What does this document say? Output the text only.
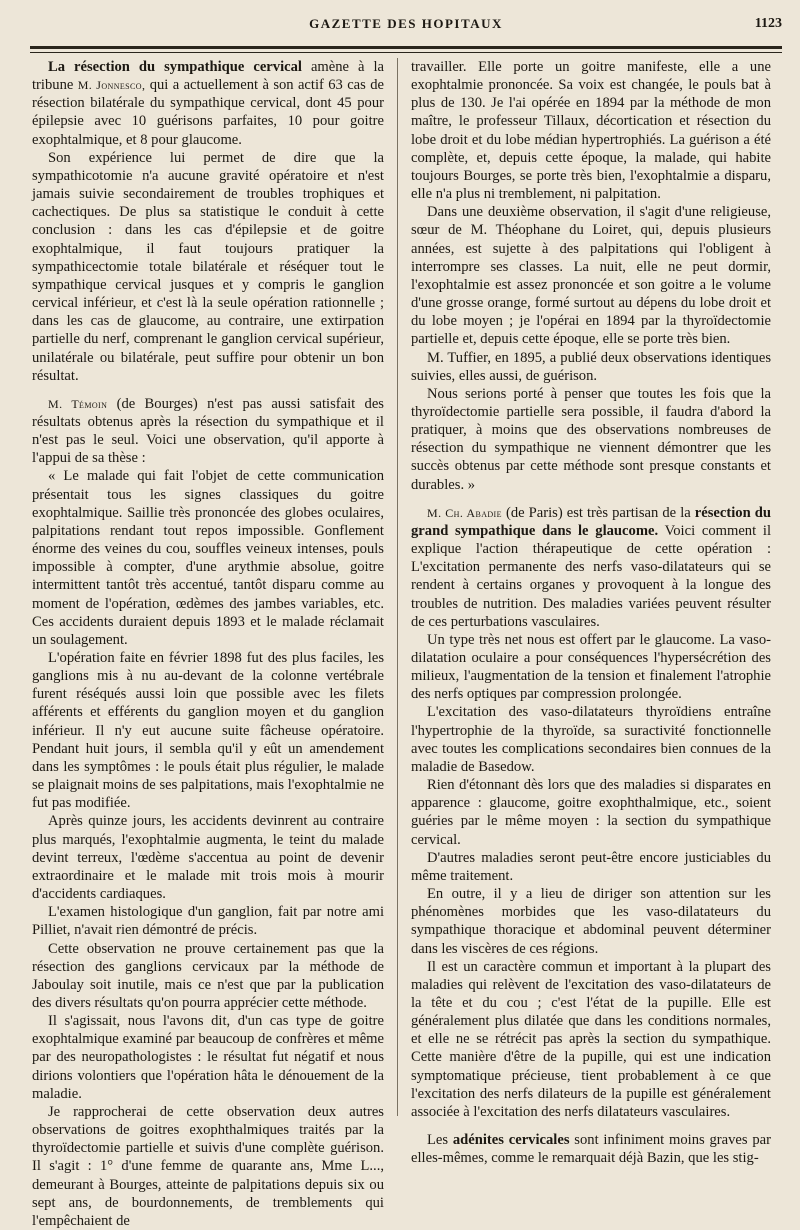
GAZETTE DES HOPITAUX	1123

La résection du sympathique cervical amène à la tribune M. Jonnesco, qui a actuellement à son actif 63 cas de résection bilatérale du sympathique cervical, dont 45 pour épilepsie avec 10 guérisons parfaites, 10 pour goitre exophtalmique, et 8 pour glaucome.

Son expérience lui permet de dire que la sympathicotomie n'a aucune gravité opératoire et n'est jamais suivie secondairement de troubles trophiques et cachectiques. De plus sa statistique le conduit à cette conclusion : dans les cas d'épilepsie et de goitre exophtalmique, il faut toujours pratiquer la sympathicectomie totale bilatérale et réséquer tout le sympathique cervical jusques et y compris le ganglion cervical inférieur, et c'est là la seule opération rationnelle ; dans les cas de glaucome, au contraire, une extirpation partielle du nerf, comprenant le ganglion cervical supérieur, unilatérale ou bilatérale, peut suffire pour obtenir un bon résultat.

M. Témoin (de Bourges) n'est pas aussi satisfait des résultats obtenus après la résection du sympathique et il n'est pas le seul. Voici une observation, qu'il apporte à l'appui de sa thèse :

« Le malade qui fait l'objet de cette communication présentait tous les signes classiques du goitre exophtalmique. Saillie très prononcée des globes oculaires, palpitations rendant tout repos impossible. Gonflement énorme des veines du cou, souffles veineux intenses, pouls impossible à compter, d'une arythmie absolue, goitre intermittent tantôt très accentué, tantôt disparu comme au moment de l'opération, œdèmes des jambes variables, etc. Ces accidents duraient depuis 1893 et le malade réclamait un soulagement.

L'opération faite en février 1898 fut des plus faciles, les ganglions mis à nu au-devant de la colonne vertébrale furent réséqués aussi loin que possible avec les filets afférents et efférents du ganglion moyen et du ganglion inférieur. Il n'y eut aucune suite fâcheuse opératoire. Pendant huit jours, il sembla qu'il y eût un amendement dans les symptômes : le pouls était plus régulier, le malade se plaignait moins de ses palpitations, mais l'exophtalmie ne fut pas modifiée.

Après quinze jours, les accidents devinrent au contraire plus marqués, l'exophtalmie augmenta, le teint du malade devint terreux, l'œdème s'accentua au point de devenir extraordinaire et le malade mit trois mois à mourir d'accidents cardiaques.

L'examen histologique d'un ganglion, fait par notre ami Pilliet, n'avait rien démontré de précis.

Cette observation ne prouve certainement pas que la résection des ganglions cervicaux par la méthode de Jaboulay soit inutile, mais ce n'est que par la publication des divers résultats qu'on pourra apprécier cette méthode.

Il s'agissait, nous l'avons dit, d'un cas type de goitre exophtalmique examiné par beaucoup de confrères et même par des neuropathologistes : le résultat fut négatif et nous dirions volontiers que l'opération hâta le dénouement de la maladie.

Je rapprocherai de cette observation deux autres observations de goitres exophthalmiques traités par la thyroïdectomie partielle et suivis d'une complète guérison. Il s'agit : 1° d'une femme de quarante ans, Mme L..., demeurant à Bourges, atteinte de palpitations depuis six ou sept ans, de bourdonnements, de tremblements qui l'empêchaient de

travailler. Elle porte un goitre manifeste, elle a une exophtalmie prononcée. Sa voix est changée, le pouls bat à plus de 130. Je l'ai opérée en 1894 par la méthode de mon maître, le professeur Tillaux, décortication et résection du lobe droit et du lobe médian hypertrophiés. La guérison a été complète, et, depuis cette époque, la malade, qui habite toujours Bourges, se porte très bien, l'exophtalmie a disparu, elle n'a plus ni tremblement, ni palpitation.

Dans une deuxième observation, il s'agit d'une religieuse, sœur de M. Théophane du Loiret, qui, depuis plusieurs années, est sujette à des palpitations qui l'obligent à interrompre ses classes. La nuit, elle ne peut dormir, l'exophtalmie est assez prononcée et son goitre a le volume d'une grosse orange, formé surtout au dépens du lobe droit et du lobe moyen ; je l'opérai en 1894 par la thyroïdectomie partielle et, depuis cette époque, elle se porte très bien.

M. Tuffier, en 1895, a publié deux observations identiques suivies, elles aussi, de guérison.

Nous serions porté à penser que toutes les fois que la thyroïdectomie partielle sera possible, il faudra d'abord la pratiquer, à moins que des observations nombreuses de résection du sympathique ne viennent démontrer que les succès obtenus par cette méthode sont presque constants et durables. »

M. Ch. Abadie (de Paris) est très partisan de la résection du grand sympathique dans le glaucome. Voici comment il explique l'action thérapeutique de cette opération : L'excitation permanente des nerfs vaso-dilatateurs qui se rendent à certains organes y provoquent à la longue des troubles de nutrition. Des maladies variées peuvent résulter de ces perturbations vasculaires.

Un type très net nous est offert par le glaucome. La vaso-dilatation oculaire a pour conséquences l'hypersécrétion des milieux, l'augmentation de la tension et finalement l'atrophie des nerfs optiques par compression prolongée.

L'excitation des vaso-dilatateurs thyroïdiens entraîne l'hypertrophie de la thyroïde, sa suractivité fonctionnelle avec toutes les complications secondaires bien connues de la maladie de Basedow.

Rien d'étonnant dès lors que des maladies si disparates en apparence : glaucome, goitre exophthalmique, etc., soient guéries par le même moyen : la section du sympathique cervical.

D'autres maladies seront peut-être encore justiciables du même traitement.

En outre, il y a lieu de diriger son attention sur les phénomènes morbides que les vaso-dilatateurs du sympathique thoracique et abdominal peuvent déterminer dans les viscères de ces régions.

Il est un caractère commun et important à la plupart des maladies qui relèvent de l'excitation des vaso-dilatateurs de la tête et du cou ; c'est l'état de la pupille. Elle est généralement plus dilatée que dans les conditions normales, et elle ne se rétrécit pas après la section du sympathique. Cette manière d'être de la pupille, qui est une indication symptomatique précieuse, tient probablement à ce que l'excitation des nerfs dilateurs de la pupille est généralement associée à l'excitation des nerfs dilatateurs vasculaires.

Les adénites cervicales sont infiniment moins graves par elles-mêmes, comme le remarquait déjà Bazin, que les stig-
